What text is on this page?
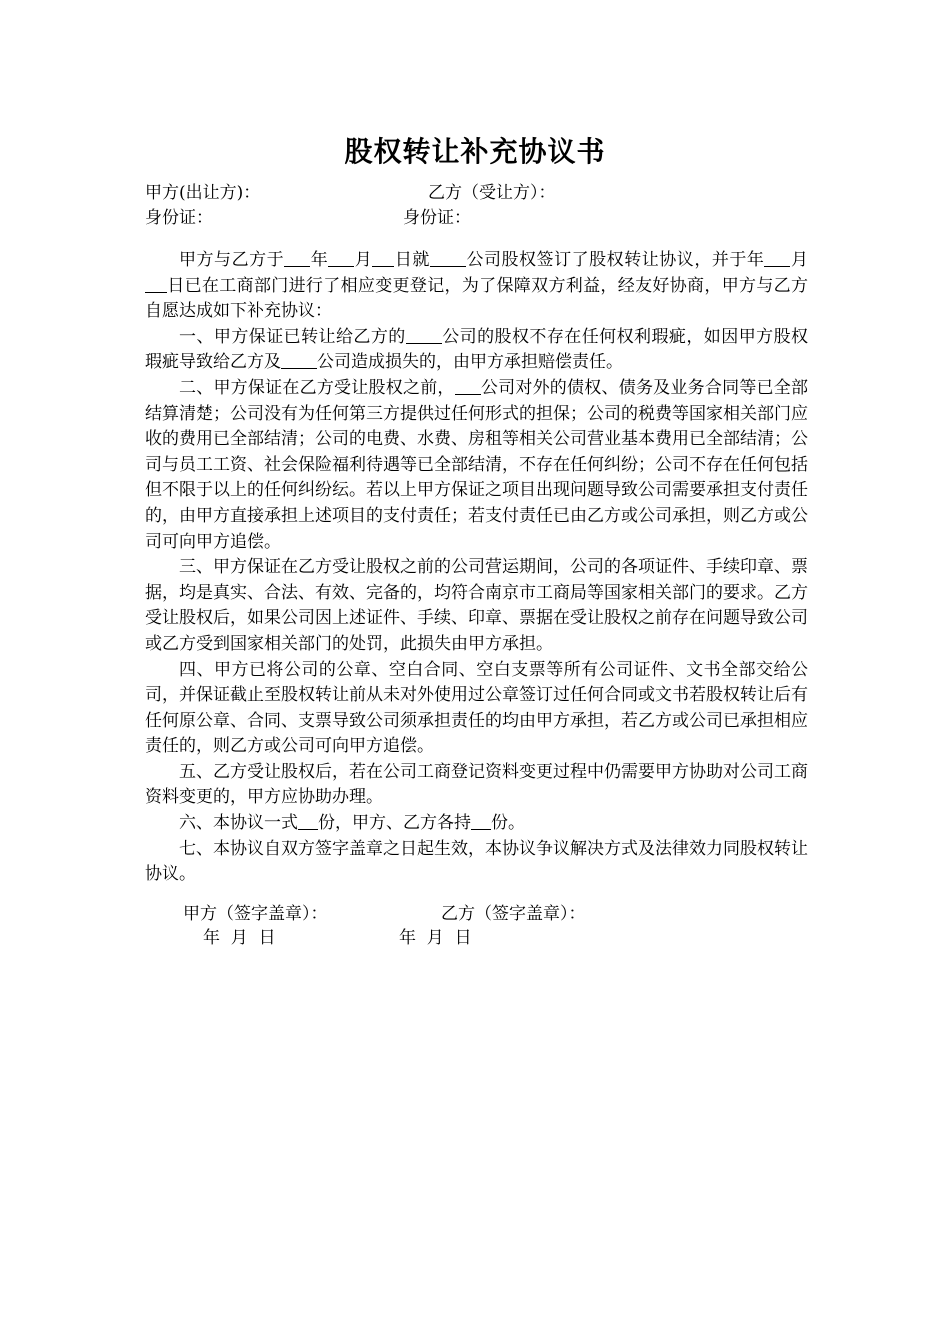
股权转让补充协议书
甲方(出让方)：	乙方（受让方）：
身份证：	身份证：

甲方与乙方于 年 月 日就 公司股权签订了股权转让协议，并于年 月日已在工商部门进行了相应变更登记，为了保障双方利益，经友好协商，甲方与乙方自愿达成如下补充协议：

一、甲方保证已转让给乙方的 公司的股权不存在任何权利瑕疵，如因甲方股权瑕疵导致给乙方及 公司造成损失的，由甲方承担赔偿责任。

二、甲方保证在乙方受让股权之前， 公司对外的债权、债务及业务合同等已全部结算清楚；公司没有为任何第三方提供过任何形式的担保；公司的税费等国家相关部门应收的费用已全部结清；公司的电费、水费、房租等相关公司营业基本费用已全部结清；公司与员工工资、社会保险福利待遇等已全部结清，不存在任何纠纷；公司不存在任何包括但不限于以上的任何纠纷纭。若以上甲方保证之项目出现问题导致公司需要承担支付责任的，由甲方直接承担上述项目的支付责任；若支付责任已由乙方或公司承担，则乙方或公司可向甲方追偿。

三、甲方保证在乙方受让股权之前的公司营运期间，公司的各项证件、手续印章、票据，均是真实、合法、有效、完备的，均符合南京市工商局等国家相关部门的要求。乙方受让股权后，如果公司因上述证件、手续、印章、票据在受让股权之前存在问题导致公司或乙方受到国家相关部门的处罚，此损失由甲方承担。

四、甲方已将公司的公章、空白合同、空白支票等所有公司证件、文书全部交给公司，并保证截止至股权转让前从未对外使用过公章签订过任何合同或文书若股权转让后有任何原公章、合同、支票导致公司须承担责任的均由甲方承担，若乙方或公司已承担相应责任的，则乙方或公司可向甲方追偿。

五、乙方受让股权后，若在公司工商登记资料变更过程中仍需要甲方协助对公司工商资料变更的，甲方应协助办理。

六、本协议一式 份，甲方、乙方各持 份。

七、本协议自双方签字盖章之日起生效，本协议争议解决方式及法律效力同股权转让协议。

甲方（签字盖章）：	乙方（签字盖章）：
年  月  日	年  月  日
